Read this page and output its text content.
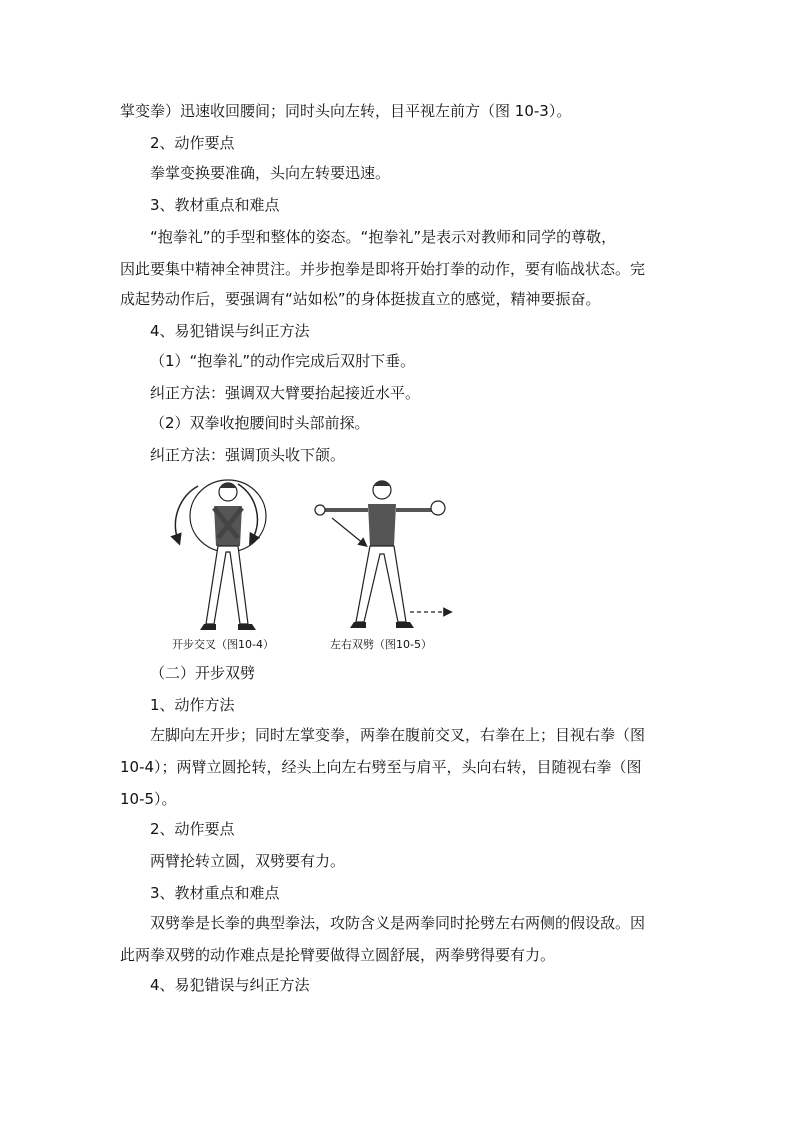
掌变拳）迅速收回腰间；同时头向左转，目平视左前方（图 10-3）。
2、动作要点
拳掌变换要准确，头向左转要迅速。
3、教材重点和难点
“抱拳礼”的手型和整体的姿态。“抱拳礼”是表示对教师和同学的尊敬，
因此要集中精神全神贯注。并步抱拳是即将开始打拳的动作，要有临战状态。完
成起势动作后，要强调有“站如松”的身体挺拔直立的感觉，精神要振奋。
4、易犯错误与纠正方法
（1）“抱拳礼”的动作完成后双肘下垂。
纠正方法：强调双大臂要抬起接近水平。
（2）双拳收抱腰间时头部前探。
纠正方法：强调顶头收下颌。
开步交叉（图10-4）	左右双劈（图10-5）
（二）开步双劈
1、动作方法
左脚向左开步；同时左掌变拳，两拳在腹前交叉，右拳在上；目视右拳（图
10-4）；两臂立圆抡转，经头上向左右劈至与肩平，头向右转，目随视右拳（图
10-5）。
2、动作要点
两臂抡转立圆，双劈要有力。
3、教材重点和难点
双劈拳是长拳的典型拳法，攻防含义是两拳同时抡劈左右两侧的假设敌。因
此两拳双劈的动作难点是抡臂要做得立圆舒展，两拳劈得要有力。
4、易犯错误与纠正方法
